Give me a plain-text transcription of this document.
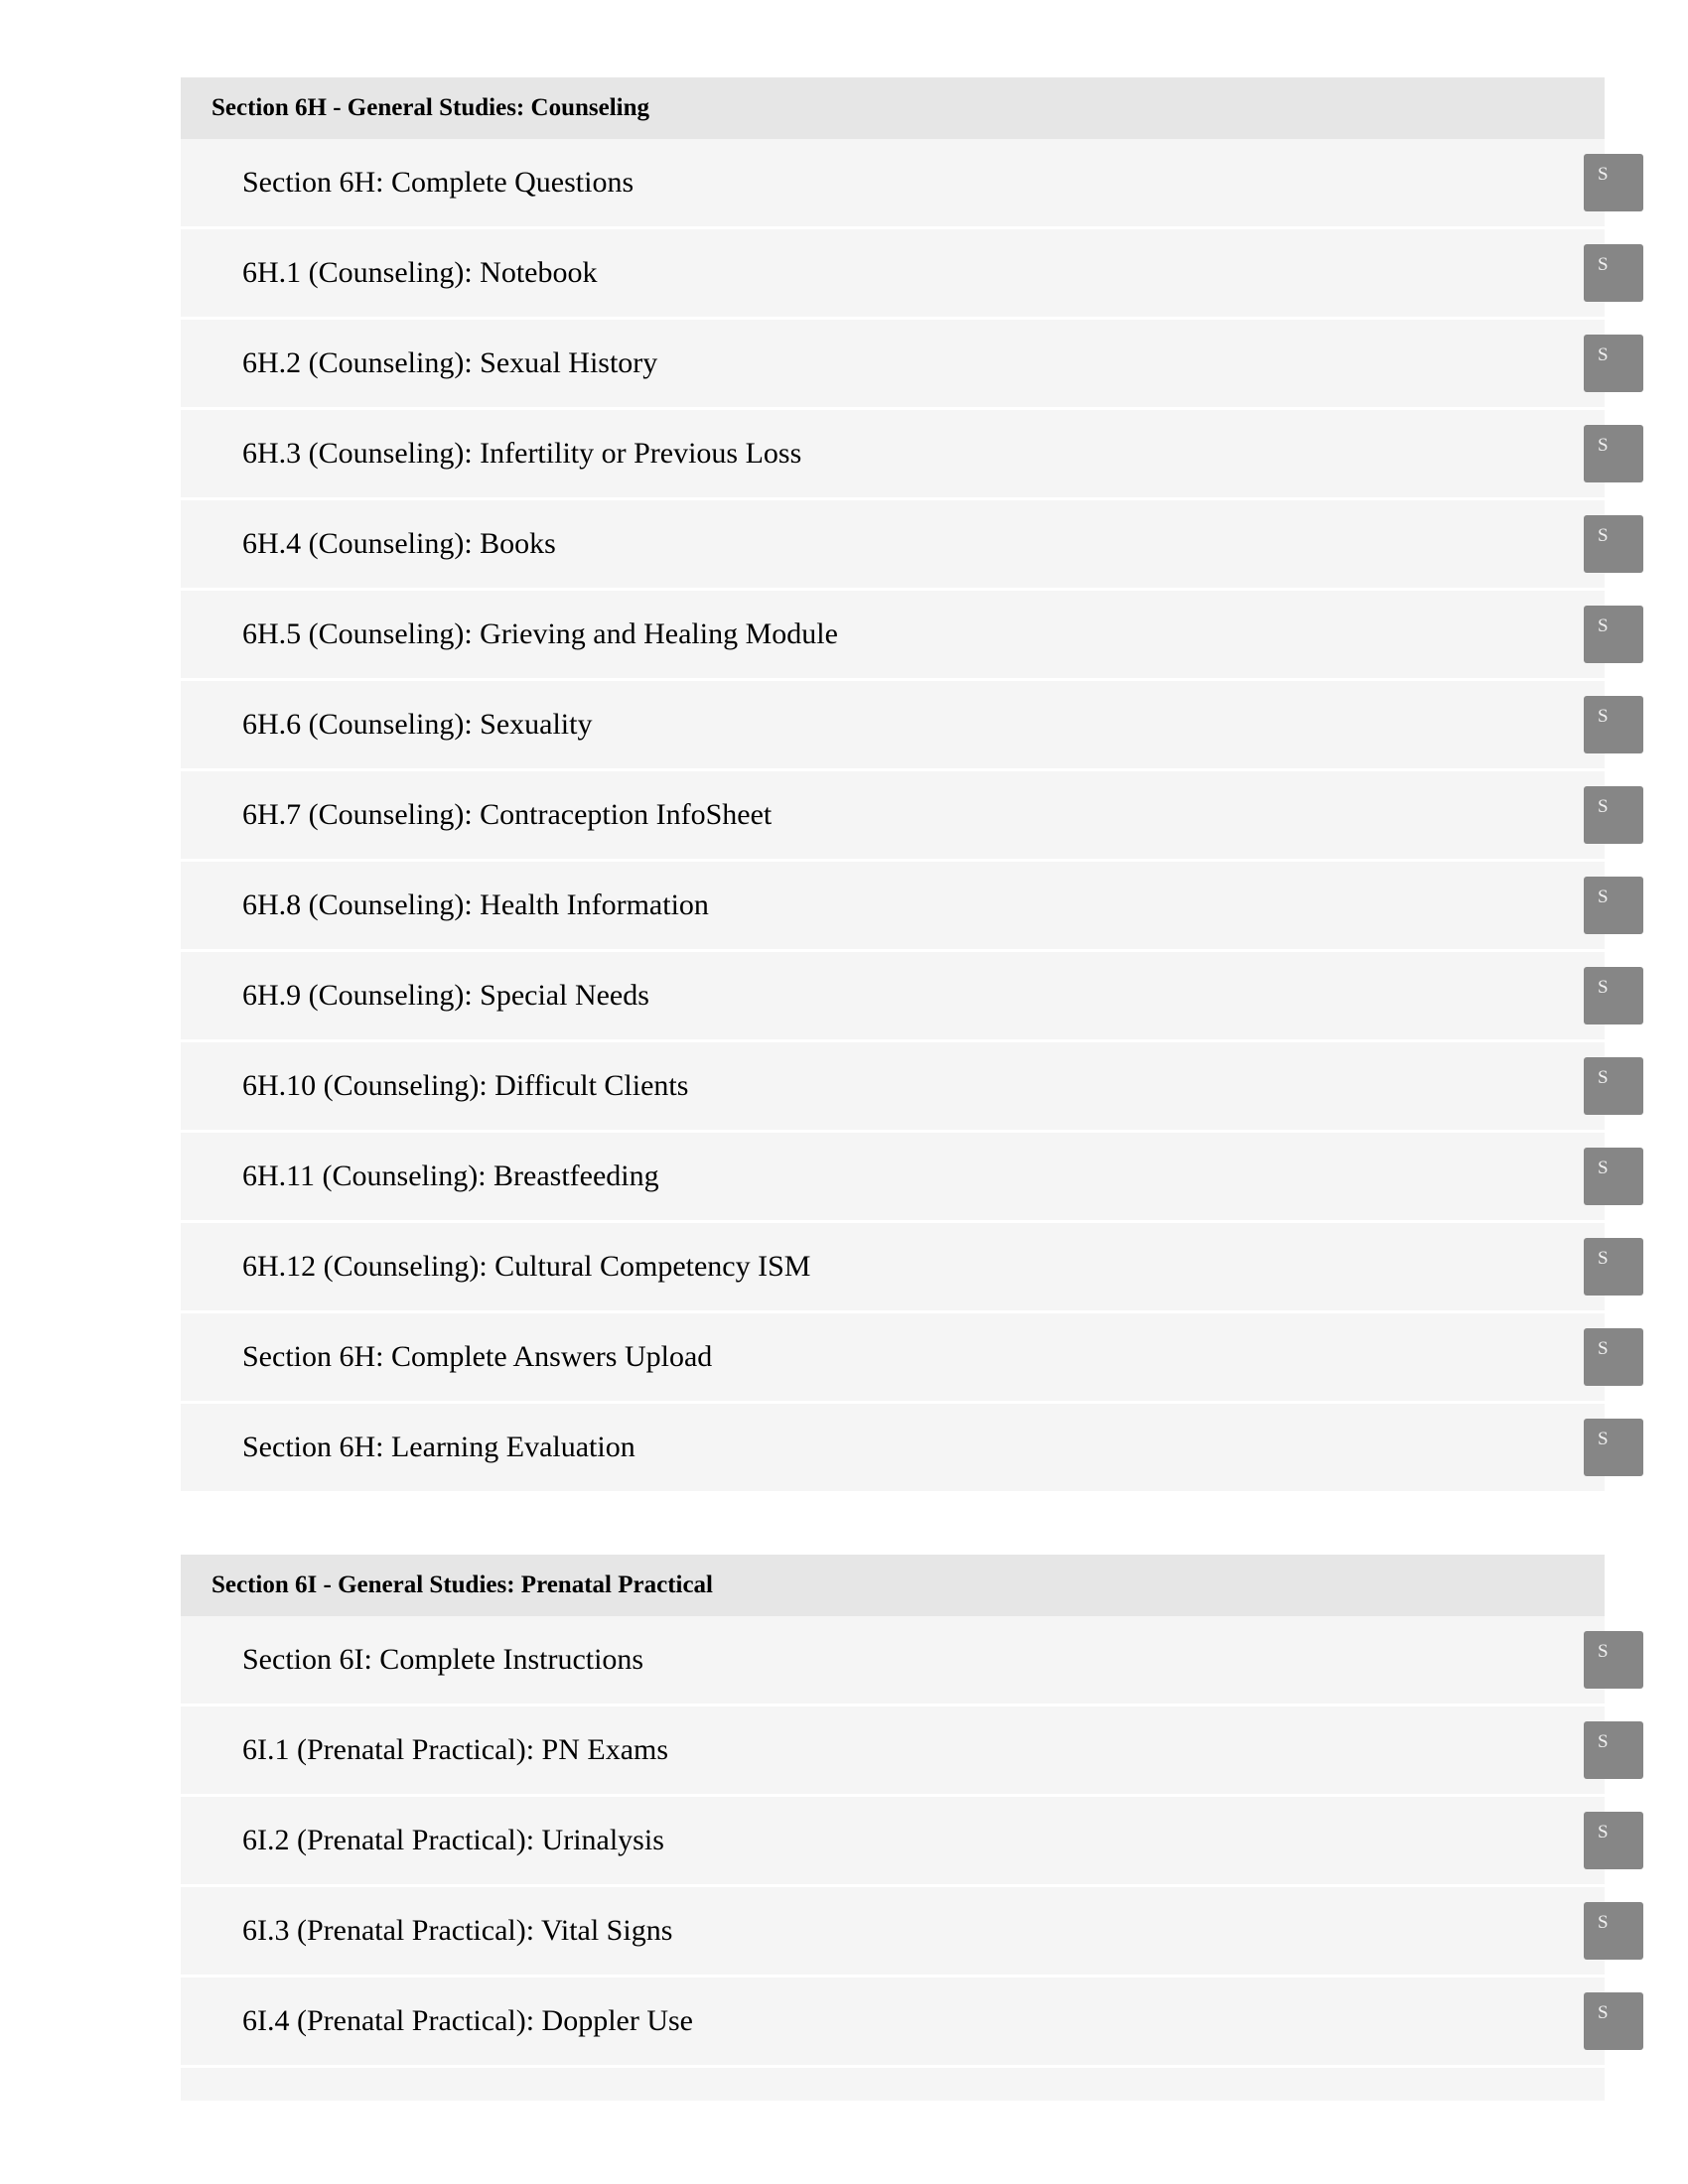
Section 6H - General Studies: Counseling
Section 6H: Complete Questions	S
6H.1 (Counseling): Notebook	S
6H.2 (Counseling): Sexual History	S
6H.3 (Counseling): Infertility or Previous Loss	S
6H.4 (Counseling): Books	S
6H.5 (Counseling): Grieving and Healing Module	S
6H.6 (Counseling): Sexuality	S
6H.7 (Counseling): Contraception InfoSheet	S
6H.8 (Counseling): Health Information	S
6H.9 (Counseling): Special Needs	S
6H.10 (Counseling): Difficult Clients	S
6H.11 (Counseling): Breastfeeding	S
6H.12 (Counseling): Cultural Competency ISM	S
Section 6H: Complete Answers Upload	S
Section 6H: Learning Evaluation	S
Section 6I - General Studies: Prenatal Practical
Section 6I: Complete Instructions	S
6I.1 (Prenatal Practical): PN Exams	S
6I.2 (Prenatal Practical): Urinalysis	S
6I.3 (Prenatal Practical): Vital Signs	S
6I.4 (Prenatal Practical): Doppler Use	S
